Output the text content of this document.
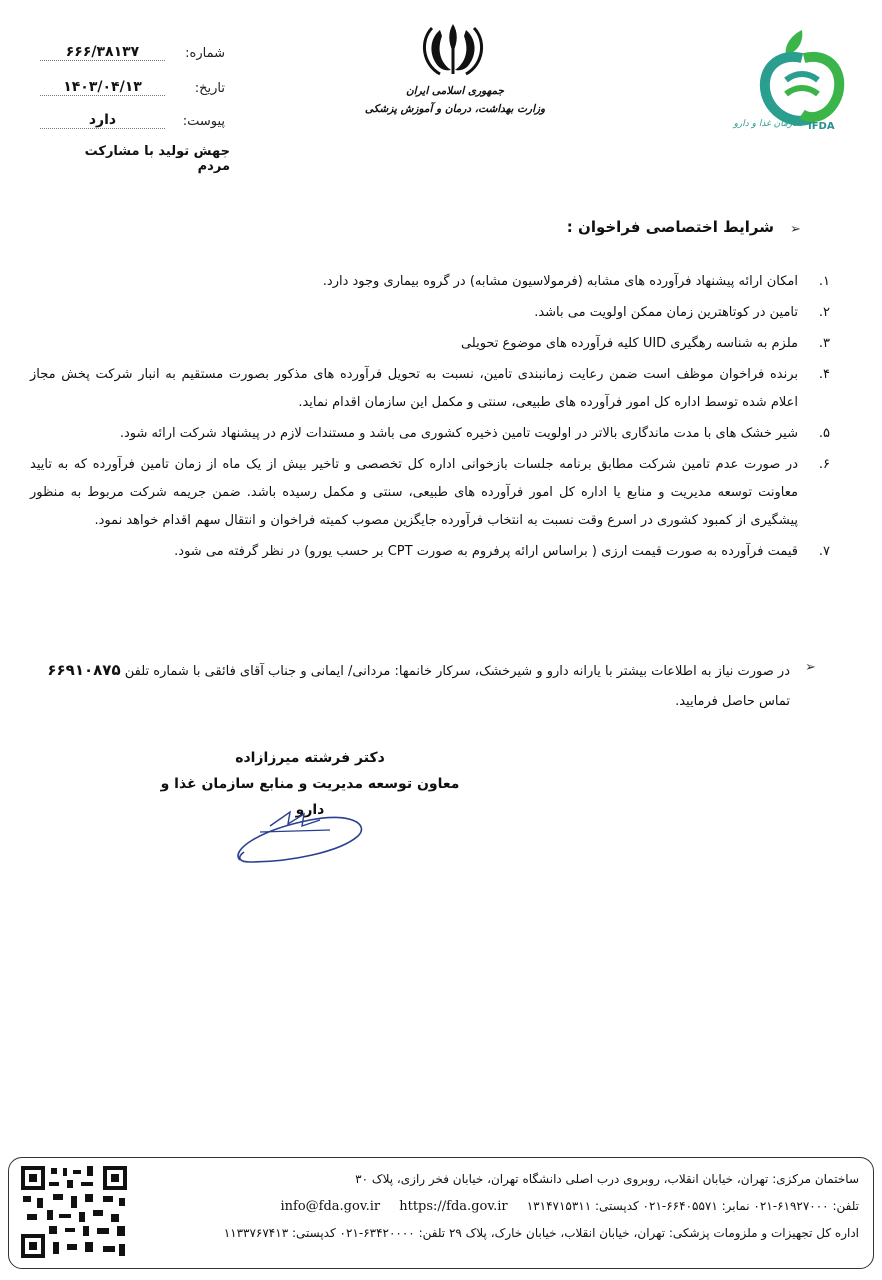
شماره:
۶۶۶/۳۸۱۳۷
تاریخ:
۱۴۰۳/۰۴/۱۳
پیوست:
دارد
جهش تولید با مشارکت مردم
جمهوری اسلامی ایران
وزارت بهداشت، درمان و آموزش پزشکی
سازمان غذا و دارو IFDA
➢
شرایط اختصاصی فراخوان :

۱.
امکان ارائه پیشنهاد فرآورده های مشابه (فرمولاسیون مشابه) در گروه بیماری وجود دارد.

۲.
تامین در کوتاهترین زمان ممکن اولویت می باشد.

۳.
ملزم به شناسه رهگیری UID کلیه فرآورده های موضوع تحویلی

۴.
برنده فراخوان موظف است ضمن رعایت زمانبندی تامین، نسبت به تحویل فرآورده های مذکور بصورت مستقیم به انبار شرکت پخش مجاز اعلام شده توسط اداره کل امور فرآورده های طبیعی، سنتی و مکمل این سازمان اقدام نماید.

۵.
شیر خشک های با مدت ماندگاری بالاتر در اولویت تامین ذخیره کشوری می باشد و مستندات لازم در پیشنهاد شرکت ارائه شود.

۶.
در صورت عدم تامین شرکت مطابق برنامه جلسات بازخوانی اداره کل تخصصی و تاخیر بیش از یک ماه از زمان تامین فرآورده که به تایید معاونت توسعه مدیریت و منابع یا اداره کل امور فرآورده های طبیعی، سنتی و مکمل رسیده باشد. ضمن جریمه شرکت مربوط به منظور پیشگیری از کمبود کشوری در اسرع وقت نسبت به انتخاب فرآورده جایگزین مصوب کمیته فراخوان و انتقال سهم اقدام خواهد نمود.

۷.
قیمت فرآورده به صورت قیمت ارزی ( براساس ارائه پرفروم به صورت CPT بر حسب یورو) در نظر گرفته می شود.

➢
در صورت نیاز به اطلاعات بیشتر با یارانه دارو و شیرخشک، سرکار خانمها: مردانی/ ایمانی و جناب آقای فائقی با شماره تلفن ۶۶۹۱۰۸۷۵ تماس حاصل فرمایید.
دکتر فرشته میرزازاده
معاون توسعه مدیریت و منابع سازمان غذا و دارو
ساختمان مرکزی: تهران، خیابان انقلاب، روبروی درب اصلی دانشگاه تهران، خیابان فخر رازی، پلاک ۳۰
تلفن: ۶۱۹۲۷۰۰۰-۰۲۱ نمابر: ۶۶۴۰۵۵۷۱-۰۲۱ کدپستی: ۱۳۱۴۷۱۵۳۱۱     info@fda.gov.ir https://fda.gov.ir
اداره کل تجهیزات و ملزومات پزشکی: تهران، خیابان انقلاب، خیابان خارک، پلاک ۲۹ تلفن: ۶۳۴۲۰۰۰۰-۰۲۱ کدپستی: ۱۱۳۳۷۶۷۴۱۳
